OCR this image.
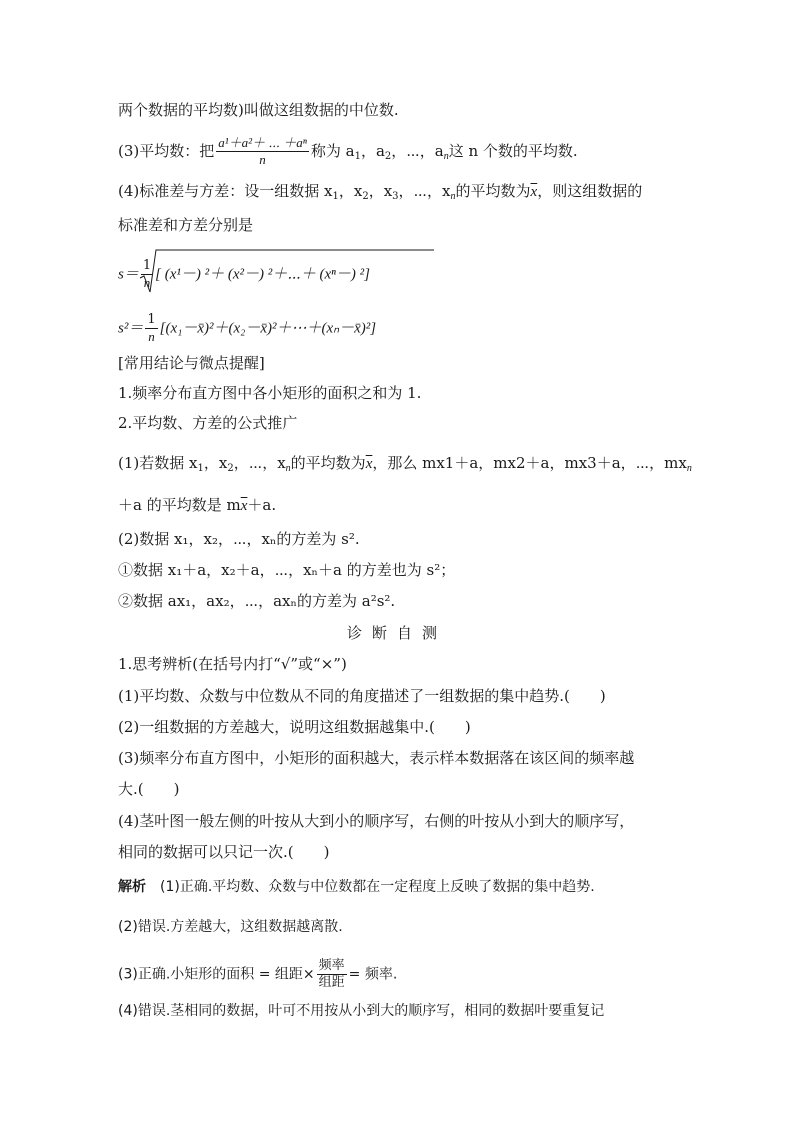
两个数据的平均数)叫做这组数据的中位数.
(3)平均数：把 $\frac{\text{a¹＋a²＋ ⋯ ＋aⁿ}}{n}$ 称为 $a_1$，$a_2$，⋯，$a_n$这 n 个数的平均数.
(4)标准差与方差：设一组数据 $x_1$，$x_2$，$x_3$，⋯，$x_n$的平均数为$\overline{x}$，则这组数据的
标准差和方差分别是
$s= \frac{1}{n}$ [ (x¹－) ²＋ (x²－) ²＋⋯＋ (xⁿ－) ²]
$s^2= \frac{1}{n}$ [(x₁－x̄)²＋(x₂－x̄)²＋⋯＋(xₙ－x̄)²]
[常用结论与微点提醒]
1.频率分布直方图中各小矩形的面积之和为 1.
2.平均数、方差的公式推广
(1)若数据 $x_1$，$x_2$，⋯，$x_n$的平均数为$\overline{x}$，那么 mx1＋a，mx2＋a，mx3＋a，⋯，$mx_n$
＋a 的平均数是 $m\overline{x}+a$.
(2)数据 x₁，x₂，⋯，xₙ的方差为 s².
①数据 x₁＋a，x₂＋a，⋯，xₙ＋a 的方差也为 s²；
②数据 ax₁，ax₂，⋯，axₙ的方差为 a²s².
诊断自测
1.思考辨析(在括号内打“√”或“×”)
(1)平均数、众数与中位数从不同的角度描述了一组数据的集中趋势.(　　)
(2)一组数据的方差越大，说明这组数据越集中.(　　)
(3)频率分布直方图中，小矩形的面积越大，表示样本数据落在该区间的频率越
大.(　　)
(4)茎叶图一般左侧的叶按从大到小的顺序写，右侧的叶按从小到大的顺序写，
相同的数据可以只记一次.(　　)
解析 (1)正确.平均数、众数与中位数都在一定程度上反映了数据的集中趋势.
(2)错误.方差越大，这组数据越离散.
(3)正确.小矩形的面积 = 组距× $\frac{\text{频率}}{\text{组距}}$ = 频率.
(4)错误.茎相同的数据，叶可不用按从小到大的顺序写，相同的数据叶要重复记
